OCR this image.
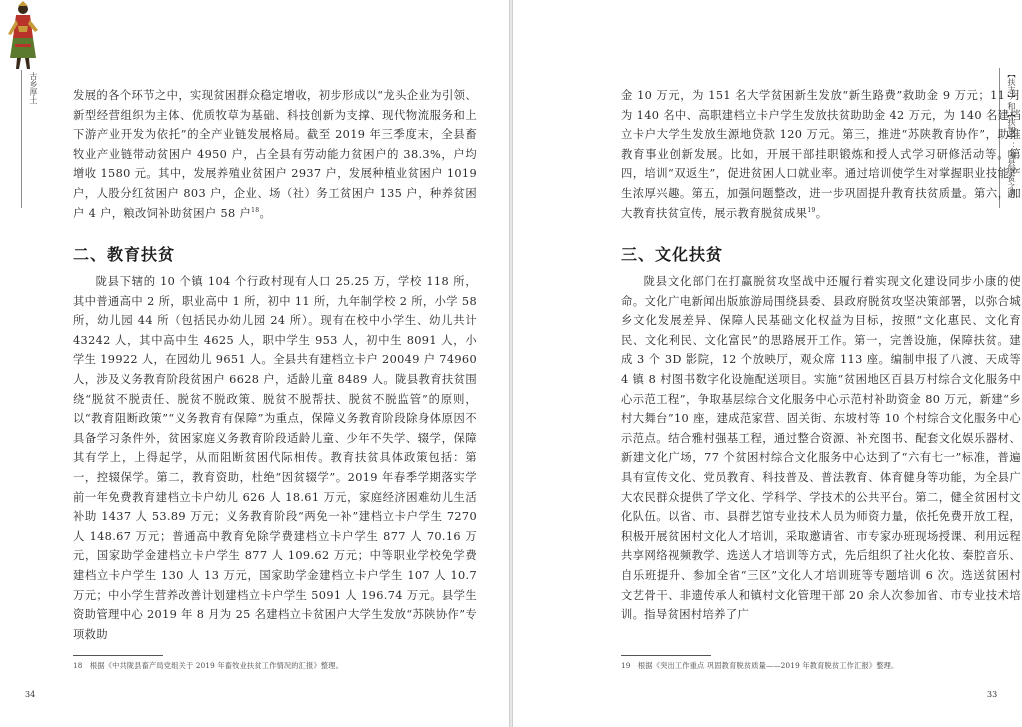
古乡厚土	发展的各个环节之中，实现贫困群众稳定增收，初步形成以“龙头企业为引领、新型经营组织为主体、优质牧草为基础、科技创新为支撑、现代物流服务和上下游产业开发为依托”的全产业链发展格局。截至 2019 年三季度末，全县畜牧业产业链带动贫困户 4950 户，占全县有劳动能力贫困户的 38.3%，户均增收 1580 元。其中，发展养殖业贫困户 2937 户，发展种植业贫困户 1019 户，人股分红贫困户 803 户，企业、场（社）务工贫困户 135 户，种养贫困户 4 户，粮改饲补助贫困户 58 户$^{18}$。

二、教育扶贫

陇县下辖的 10 个镇 104 个行政村现有人口 25.25 万，学校 118 所，其中普通高中 2 所，职业高中 1 所，初中 11 所，九年制学校 2 所，小学 58 所，幼儿园 44 所（包括民办幼儿园 24 所）。现有在校中小学生、幼儿共计 43242 人，其中高中生 4625 人，职中学生 953 人，初中生 8091 人，小学生 19922 人，在园幼儿 9651 人。全县共有建档立卡户 20049 户 74960 人，涉及义务教育阶段贫困户 6628 户，适龄儿童 8489 人。陇县教育扶贫围绕“脱贫不脱责任、脱贫不脱政策、脱贫不脱帮扶、脱贫不脱监管”的原则，以“教育阻断政策”“义务教育有保障”为重点，保障义务教育阶段除身体原因不具备学习条件外，贫困家庭义务教育阶段适龄儿童、少年不失学、辍学，保障其有学上，上得起学，从而阻断贫困代际相传。教育扶贫具体政策包括：第一，控辍保学。第二，教育资助，杜绝“因贫辍学”。2019 年春季学期落实学前一年免费教育建档立卡户幼儿 626 人 18.61 万元，家庭经济困难幼儿生活补助 1437 人 53.89 万元；义务教育阶段“两免一补”建档立卡户学生 7270 人 148.67 万元；普通高中教育免除学费建档立卡户学生 877 人 70.16 万元，国家助学金建档立卡户学生 877 人 109.62 万元；中等职业学校免学费建档立卡户学生 130 人 13 万元，国家助学金建档立卡户学生 107 人 10.7 万元；中小学生营养改善计划建档立卡户学生 5091 人 196.74 万元。县学生资助管理中心 2019 年 8 月为 25 名建档立卡贫困户大学生发放“苏陕协作”专项救助

18　根据《中共陇县畜产局党组关于 2019 年畜牧业扶贫工作情况的汇报》整理。
34
【扶志】和【扶智】：陇县脱贫之路

金 10 万元，为 151 名大学贫困新生发放“新生路费”救助金 9 万元；11 月为 140 名中、高职建档立卡户学生发放扶贫助助金 42 万元，为 140 名建档立卡户大学生发放生源地贷款 120 万元。第三，推进“苏陕教育协作”，助推教育事业创新发展。比如，开展干部挂职锻炼和授人式学习研修活动等。第四，培训“双返生”，促进贫困人口就业率。通过培训使学生对掌握职业技能产生浓厚兴趣。第五，加强问题整改，进一步巩固提升教育扶贫质量。第六，加大教育扶贫宣传，展示教育脱贫成果$^{19}$。

三、文化扶贫

陇县文化部门在打赢脱贫攻坚战中还履行着实现文化建设同步小康的使命。文化广电新闻出版旅游局围绕县委、县政府脱贫攻坚决策部署，以弥合城乡文化发展差异、保障人民基础文化权益为目标，按照“文化惠民、文化育民、文化利民、文化富民”的思路展开工作。第一，完善设施，保障扶贫。建成 3 个 3D 影院，12 个放映厅，观众席 113 座。编制申报了八渡、天成等 4 镇 8 村图书数字化设施配送项目。实施“贫困地区百县万村综合文化服务中心示范工程”，争取基层综合文化服务中心示范村补助资金 80 万元，新建“乡村大舞台”10 座，建成范家营、固关街、东坡村等 10 个村综合文化服务中心示范点。结合雅村强基工程，通过整合资源、补充图书、配套文化娱乐器材、新建文化广场，77 个贫困村综合文化服务中心达到了“六有七一”标准，普遍具有宣传文化、党员教育、科技普及、普法教育、体育健身等功能，为全县广大农民群众提供了学文化、学科学、学技术的公共平台。第二，健全贫困村文化队伍。以省、市、县群艺馆专业技术人员为师资力量，依托免费开放工程，积极开展贫困村文化人才培训，采取邀请省、市专家办班现场授课、利用远程共享网络视频教学、选送人才培训等方式，先后组织了社火化妆、秦腔音乐、自乐班提升、参加全省“三区”文化人才培训班等专题培训 6 次。选送贫困村文艺骨干、非遗传承人和镇村文化管理干部 20 余人次参加省、市专业技术培训。指导贫困村培养了广

19　根据《突出工作重点 巩固教育脱贫质量——2019 年教育脱贫工作汇报》整理。
33
